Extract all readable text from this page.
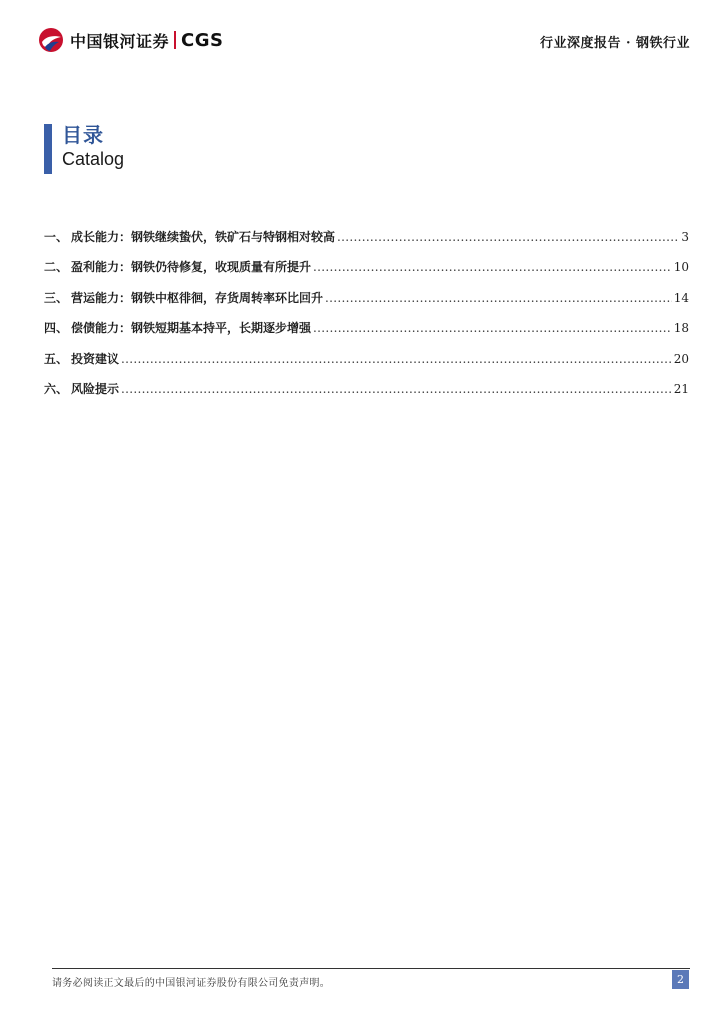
中国银河证券 CGS	行业深度报告 · 钢铁行业
目录
Catalog
一、 成长能力：钢铁继续蛰伏，铁矿石与特钢相对较高 .....	3
二、 盈利能力：钢铁仍待修复，收现质量有所提升 .....	10
三、 营运能力：钢铁中枢徘徊，存货周转率环比回升 .....	14
四、 偿债能力：钢铁短期基本持平，长期逐步增强 .....	18
五、 投资建议 .....	20
六、 风险提示 .....	21
请务必阅读正文最后的中国银河证券股份有限公司免责声明。	2
